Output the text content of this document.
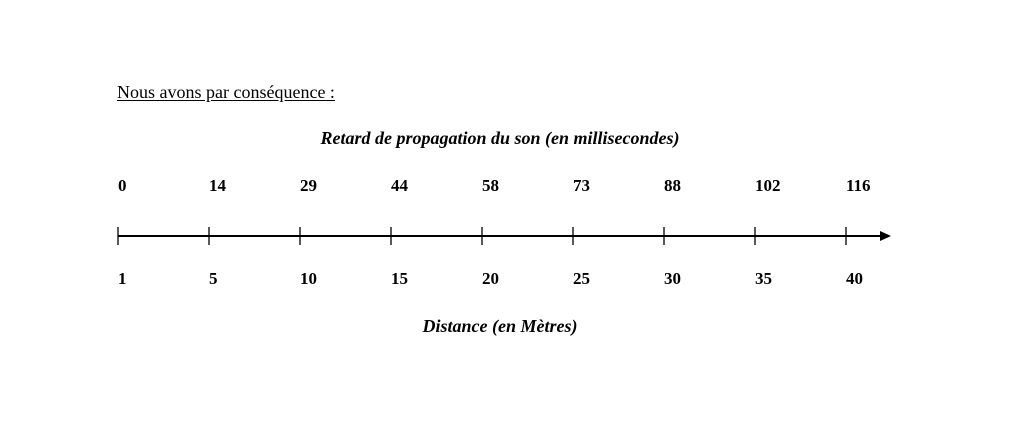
Nous avons par conséquence :
Retard de propagation du son (en millisecondes)
0	14	29	44	58	73	88	102	116
1	5	10	15	20	25	30	35	40
Distance (en Mètres)
